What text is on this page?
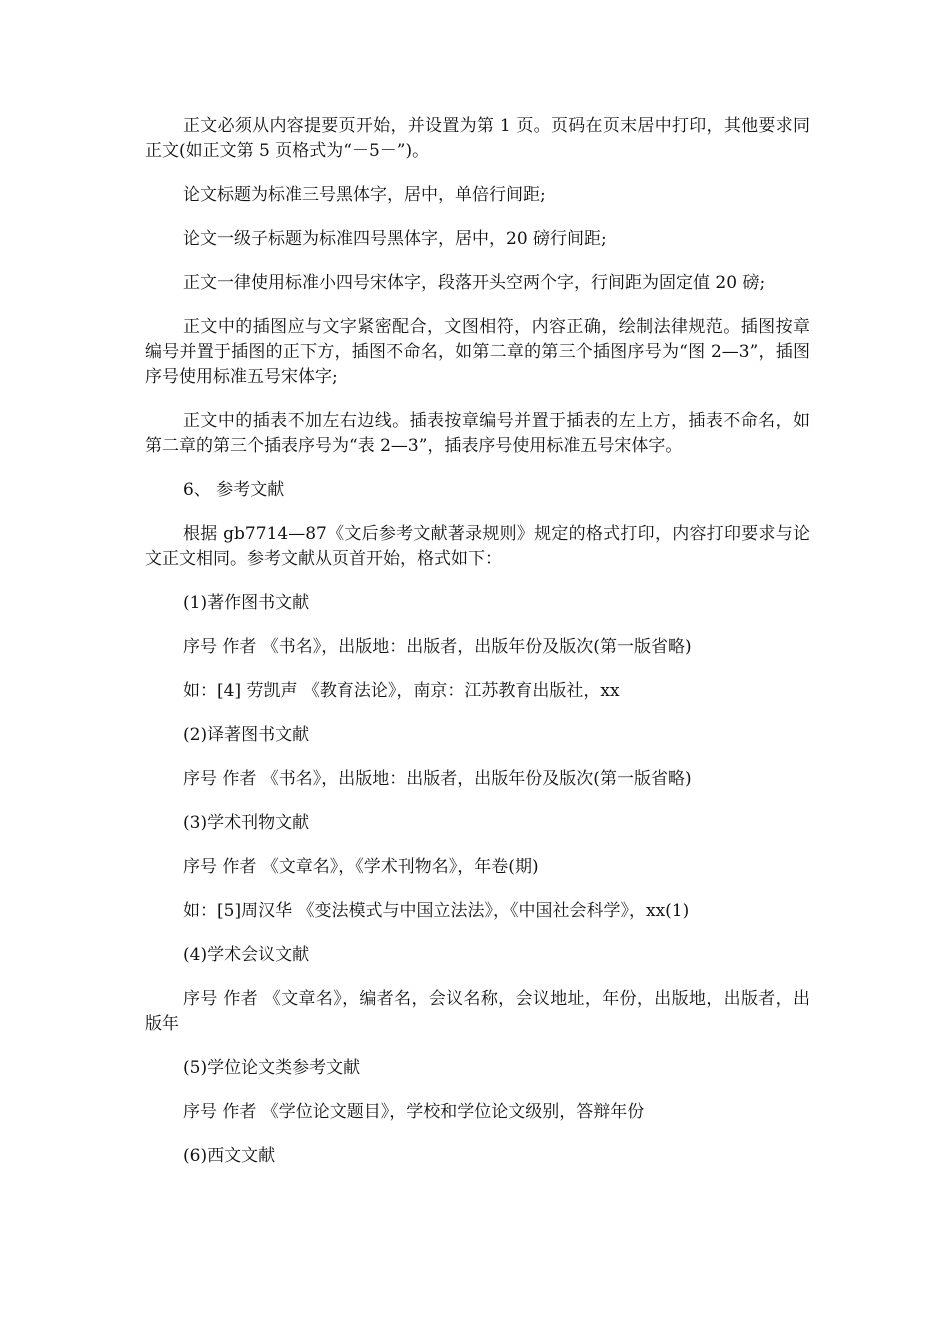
正文必须从内容提要页开始，并设置为第 1 页。页码在页末居中打印，其他要求同正文(如正文第 5 页格式为“－5－”)。

论文标题为标准三号黑体字，居中，单倍行间距;

论文一级子标题为标准四号黑体字，居中，20 磅行间距;

正文一律使用标准小四号宋体字，段落开头空两个字，行间距为固定值 20 磅;

正文中的插图应与文字紧密配合，文图相符，内容正确，绘制法律规范。插图按章编号并置于插图的正下方，插图不命名，如第二章的第三个插图序号为“图 2—3”，插图序号使用标准五号宋体字;

正文中的插表不加左右边线。插表按章编号并置于插表的左上方，插表不命名，如第二章的第三个插表序号为“表 2—3”，插表序号使用标准五号宋体字。

6、 参考文献

根据 gb7714—87《文后参考文献著录规则》规定的格式打印，内容打印要求与论文正文相同。参考文献从页首开始，格式如下：

(1)著作图书文献

序号 作者 《书名》，出版地：出版者，出版年份及版次(第一版省略)

如：[4] 劳凯声 《教育法论》，南京：江苏教育出版社，xx

(2)译著图书文献

序号 作者 《书名》，出版地：出版者，出版年份及版次(第一版省略)

(3)学术刊物文献

序号 作者 《文章名》，《学术刊物名》，年卷(期)

如：[5]周汉华 《变法模式与中国立法法》，《中国社会科学》，xx(1)

(4)学术会议文献

序号 作者 《文章名》，编者名，会议名称，会议地址，年份，出版地，出版者，出版年

(5)学位论文类参考文献

序号 作者 《学位论文题目》，学校和学位论文级别，答辩年份

(6)西文文献
